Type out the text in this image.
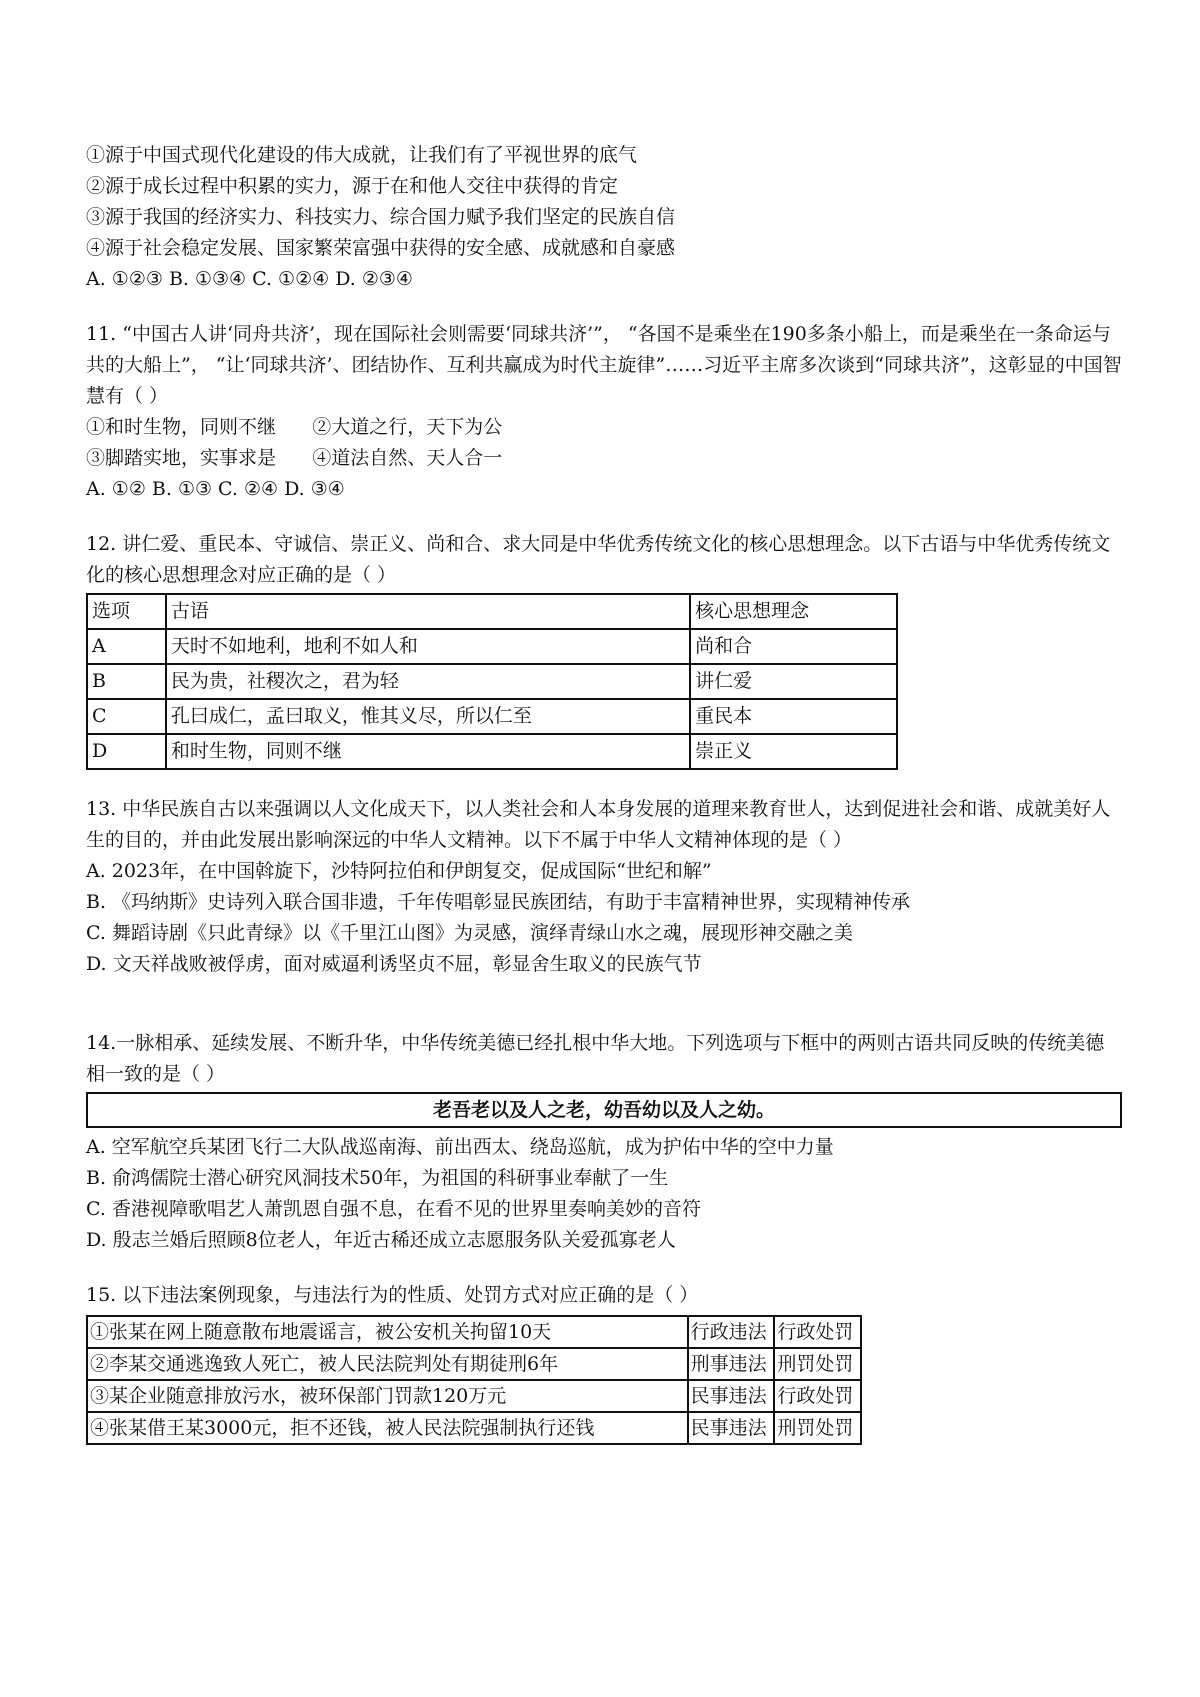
①源于中国式现代化建设的伟大成就，让我们有了平视世界的底气
②源于成长过程中积累的实力，源于在和他人交往中获得的肯定
③源于我国的经济实力、科技实力、综合国力赋予我们坚定的民族自信
④源于社会稳定发展、国家繁荣富强中获得的安全感、成就感和自豪感
A. ①②③ B. ①③④ C. ①②④ D. ②③④
11. “中国古人讲‘同舟共济’，现在国际社会则需要‘同球共济’”， “各国不是乘坐在190多条小船上，而是乘坐在一条命运与共的大船上”， “让‘同球共济’、团结协作、互利共赢成为时代主旋律”……习近平主席多次谈到“同球共济”，这彰显的中国智慧有（ ）
①和时生物，同则不继      ②大道之行，天下为公
③脚踏实地，实事求是      ④道法自然、天人合一
A. ①② B. ①③ C. ②④ D. ③④
12. 讲仁爱、重民本、守诚信、崇正义、尚和合、求大同是中华优秀传统文化的核心思想理念。以下古语与中华优秀传统文化的核心思想理念对应正确的是（ ）
选项	古语	核心思想理念
A	天时不如地利，地利不如人和	尚和合
B	民为贵，社稷次之，君为轻	讲仁爱
C	孔曰成仁，孟曰取义，惟其义尽，所以仁至	重民本
D	和时生物，同则不继	崇正义
13. 中华民族自古以来强调以人文化成天下，以人类社会和人本身发展的道理来教育世人，达到促进社会和谐、成就美好人生的目的，并由此发展出影响深远的中华人文精神。以下不属于中华人文精神体现的是（ ）
A. 2023年，在中国斡旋下，沙特阿拉伯和伊朗复交，促成国际“世纪和解”
B. 《玛纳斯》史诗列入联合国非遗，千年传唱彰显民族团结，有助于丰富精神世界，实现精神传承
C. 舞蹈诗剧《只此青绿》以《千里江山图》为灵感，演绎青绿山水之魂，展现形神交融之美
D. 文天祥战败被俘虏，面对威逼利诱坚贞不屈，彰显舍生取义的民族气节
14.一脉相承、延续发展、不断升华，中华传统美德已经扎根中华大地。下列选项与下框中的两则古语共同反映的传统美德相一致的是（ ）
老吾老以及人之老，幼吾幼以及人之幼。
A. 空军航空兵某团飞行二大队战巡南海、前出西太、绕岛巡航，成为护佑中华的空中力量
B. 俞鸿儒院士潜心研究风洞技术50年，为祖国的科研事业奉献了一生
C. 香港视障歌唱艺人萧凯恩自强不息，在看不见的世界里奏响美妙的音符
D. 殷志兰婚后照顾8位老人，年近古稀还成立志愿服务队关爱孤寡老人
15. 以下违法案例现象，与违法行为的性质、处罚方式对应正确的是（ ）
①张某在网上随意散布地震谣言，被公安机关拘留10天	行政违法	行政处罚
②李某交通逃逸致人死亡，被人民法院判处有期徒刑6年	刑事违法	刑罚处罚
③某企业随意排放污水，被环保部门罚款120万元	民事违法	行政处罚
④张某借王某3000元，拒不还钱，被人民法院强制执行还钱	民事违法	刑罚处罚
